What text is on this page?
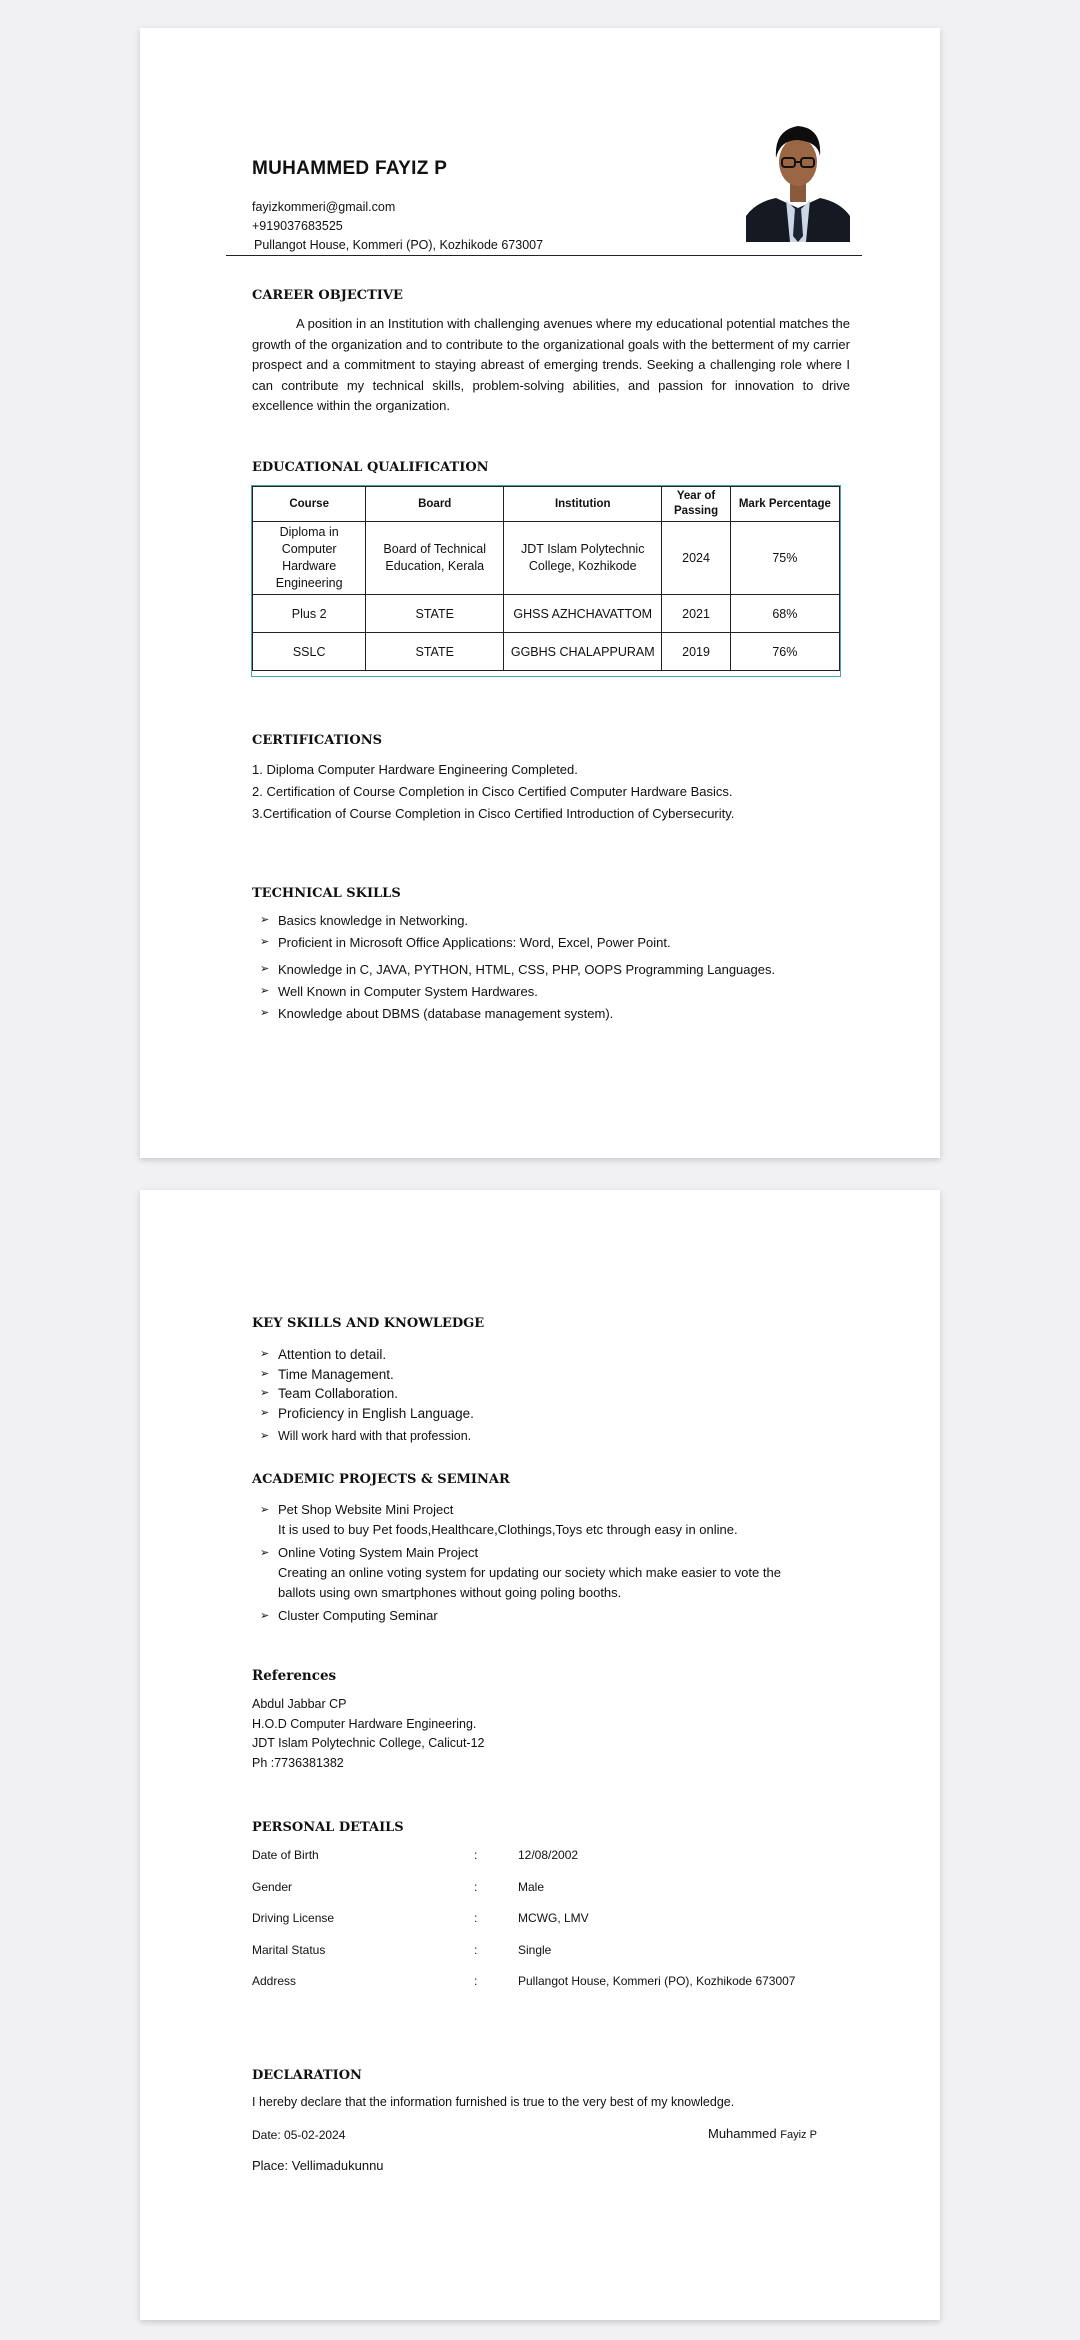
MUHAMMED FAYIZ P
fayizkommeri@gmail.com
+919037683525
Pullangot House, Kommeri (PO), Kozhikode 673007
CAREER OBJECTIVE
A position in an Institution with challenging avenues where my educational potential matches the growth of the organization and to contribute to the organizational goals with the betterment of my carrier prospect and a commitment to staying abreast of emerging trends. Seeking a challenging role where I can contribute my technical skills, problem-solving abilities, and passion for innovation to drive excellence within the organization.
EDUCATIONAL QUALIFICATION
Course	Board	Institution	Year of Passing	Mark Percentage
Diploma in Computer Hardware Engineering	Board of Technical Education, Kerala	JDT Islam Polytechnic College, Kozhikode	2024	75%
Plus 2	STATE	GHSS AZHCHAVATTOM	2021	68%
SSLC	STATE	GGBHS CHALAPPURAM	2019	76%
CERTIFICATIONS
1. Diploma Computer Hardware Engineering Completed.
2. Certification of Course Completion in Cisco Certified Computer Hardware Basics.
3.Certification of Course Completion in Cisco Certified Introduction of Cybersecurity.
TECHNICAL SKILLS
➢ Basics knowledge in Networking.
➢ Proficient in Microsoft Office Applications: Word, Excel, Power Point.
➢ Knowledge in C, JAVA, PYTHON, HTML, CSS, PHP, OOPS Programming Languages.
➢ Well Known in Computer System Hardwares.
➢ Knowledge about DBMS (database management system).
KEY SKILLS AND KNOWLEDGE
➢ Attention to detail.
➢ Time Management.
➢ Team Collaboration.
➢ Proficiency in English Language.
➢ Will work hard with that profession.
ACADEMIC PROJECTS & SEMINAR
➢ Pet Shop Website Mini Project
It is used to buy Pet foods,Healthcare,Clothings,Toys etc through easy in online.
➢ Online Voting System Main Project
Creating an online voting system for updating our society which make easier to vote the ballots using own smartphones without going poling booths.
➢ Cluster Computing Seminar
References
Abdul Jabbar CP
H.O.D Computer Hardware Engineering.
JDT Islam Polytechnic College, Calicut-12
Ph :7736381382
PERSONAL DETAILS
Date of Birth	:	12/08/2002
Gender	:	Male
Driving License	:	MCWG, LMV
Marital Status	:	Single
Address	:	Pullangot House, Kommeri (PO), Kozhikode 673007
DECLARATION
I hereby declare that the information furnished is true to the very best of my knowledge.
Date: 05-02-2024	Muhammed Fayiz P
Place: Vellimadukunnu
